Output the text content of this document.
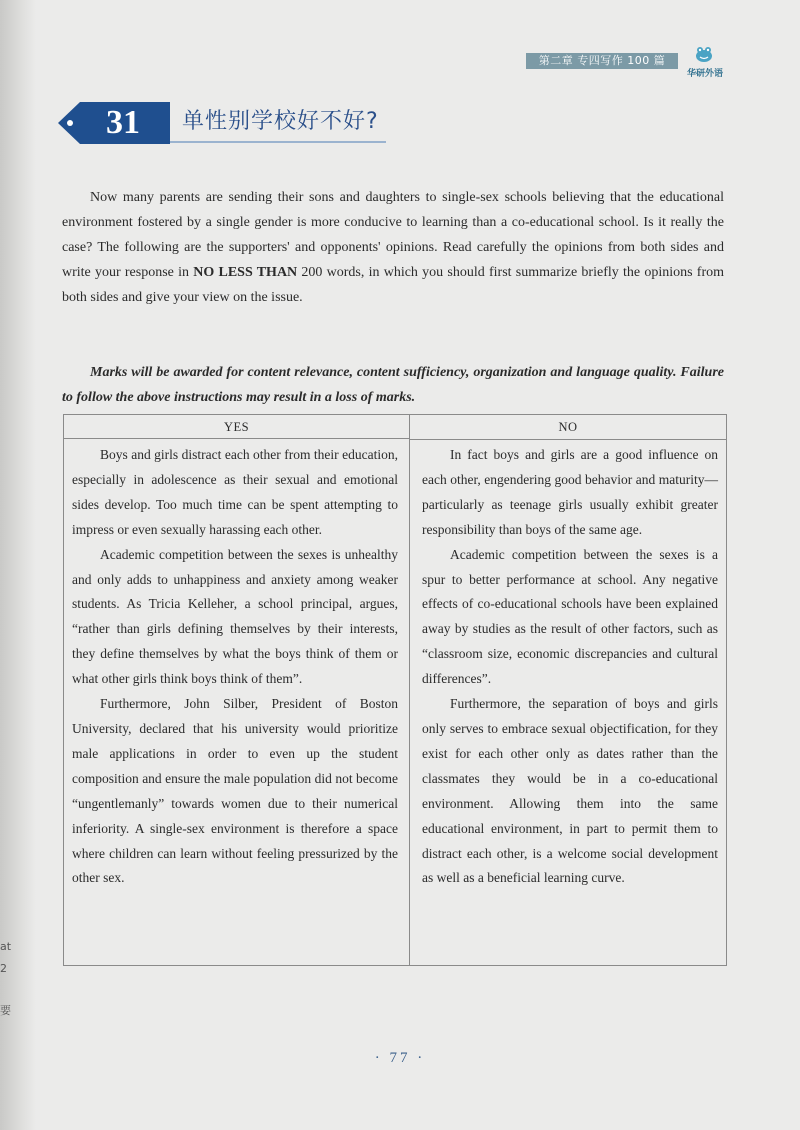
第二章 专四写作 100 篇
华研外语
31	单性别学校好不好?

Now many parents are sending their sons and daughters to single-sex schools believing that the educational environment fostered by a single gender is more conducive to learning than a co-educational school. Is it really the case? The following are the supporters' and opponents' opinions. Read carefully the opinions from both sides and write your response in NO LESS THAN 200 words, in which you should first summarize briefly the opinions from both sides and give your view on the issue.

Marks will be awarded for content relevance, content sufficiency, organization and language quality. Failure to follow the above instructions may result in a loss of marks.

YES	NO

Boys and girls distract each other from their education, especially in adolescence as their sexual and emotional sides develop. Too much time can be spent attempting to impress or even sexually harassing each other.

Academic competition between the sexes is unhealthy and only adds to unhappiness and anxiety among weaker students. As Tricia Kelleher, a school principal, argues, “rather than girls defining themselves by their interests, they define themselves by what the boys think of them or what other girls think boys think of them”.

Furthermore, John Silber, President of Boston University, declared that his university would prioritize male applications in order to even up the student composition and ensure the male population did not become “ungentlemanly” towards women due to their numerical inferiority. A single-sex environment is therefore a space where children can learn without feeling pressurized by the other sex.

In fact boys and girls are a good influence on each other, engendering good behavior and maturity—particularly as teenage girls usually exhibit greater responsibility than boys of the same age.

Academic competition between the sexes is a spur to better performance at school. Any negative effects of co-educational schools have been explained away by studies as the result of other factors, such as “classroom size, economic discrepancies and cultural differences”.

Furthermore, the separation of boys and girls only serves to embrace sexual objectification, for they exist for each other only as dates rather than the classmates they would be in a co-educational environment. Allowing them into the same educational environment, in part to permit them to distract each other, is a welcome social development as well as a beneficial learning curve.

· 77 ·
at
2
要
